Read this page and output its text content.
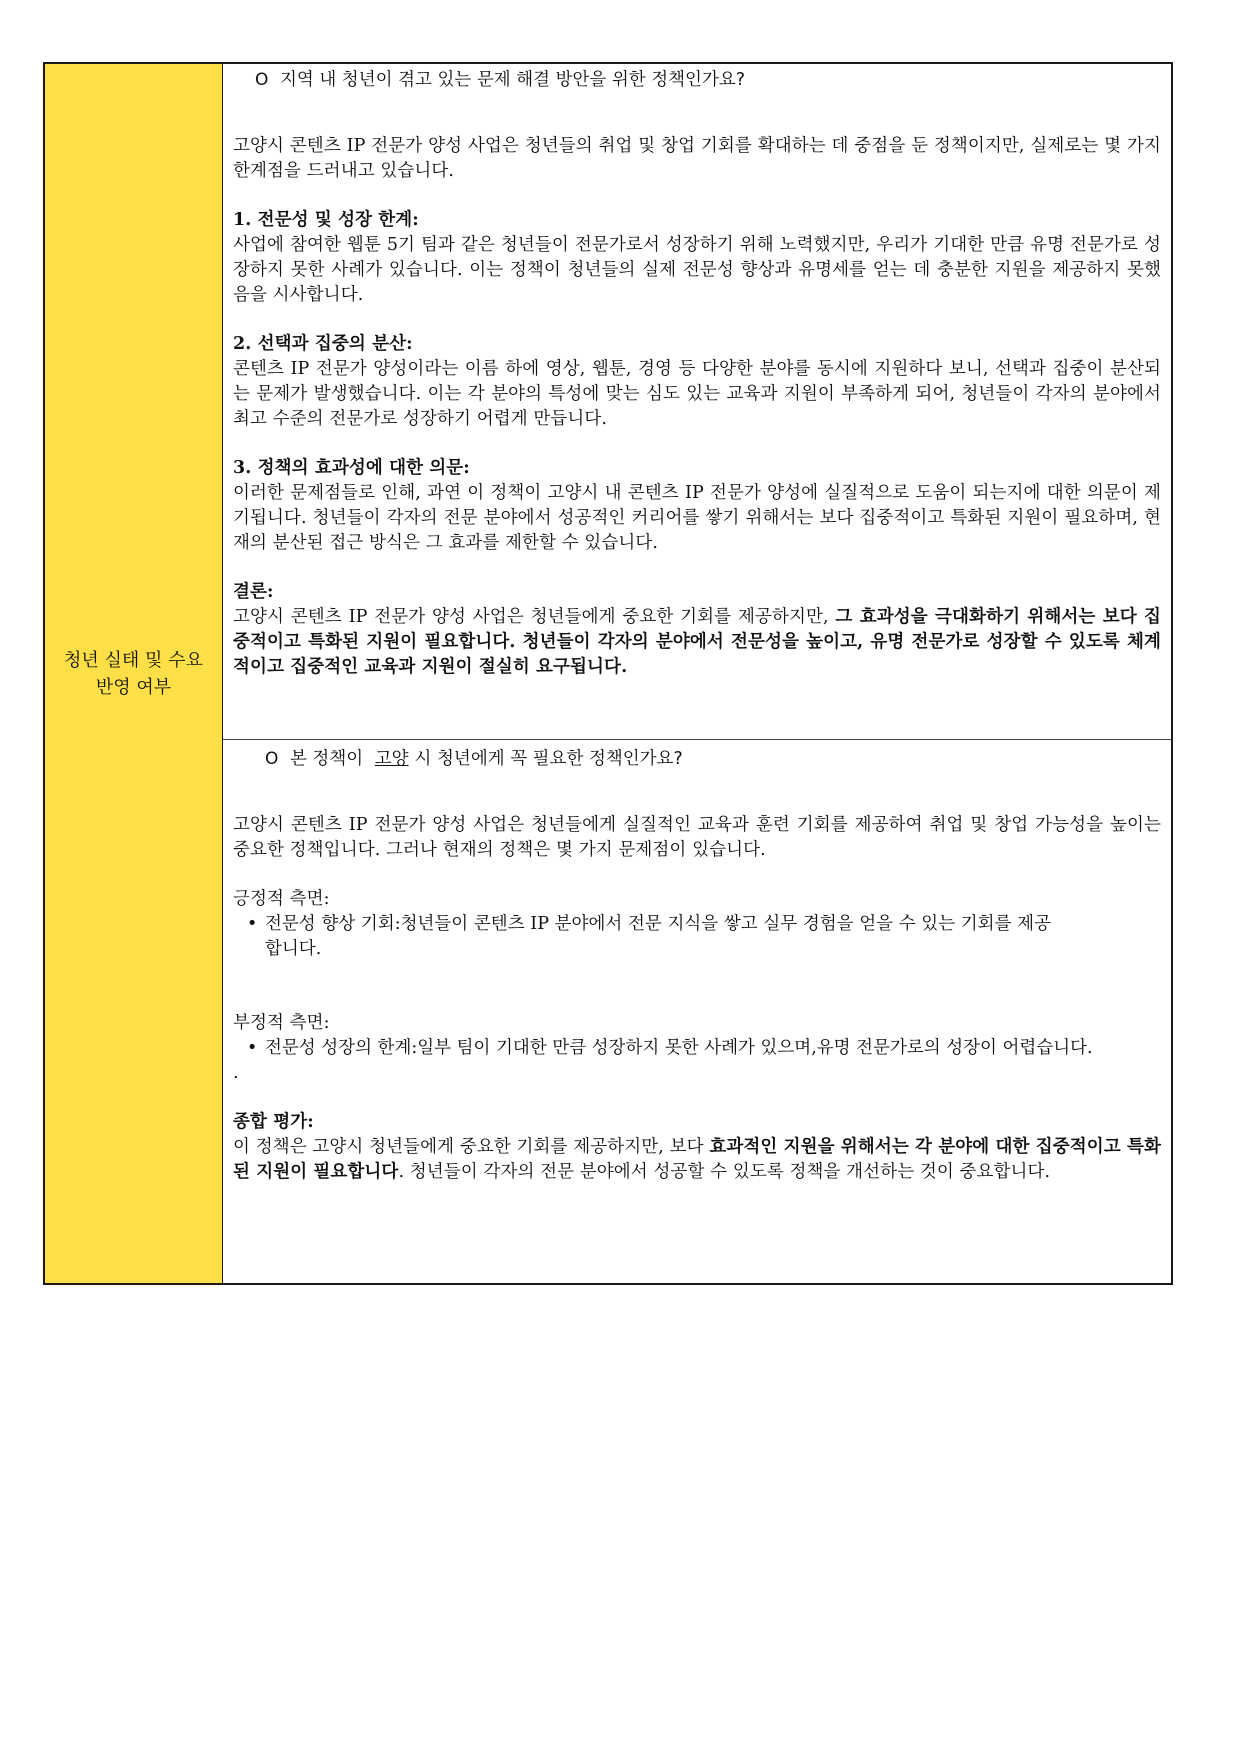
청년 실태 및 수요
반영 여부
O 지역 내 청년이 겪고 있는 문제 해결 방안을 위한 정책인가요?

고양시 콘텐츠 IP 전문가 양성 사업은 청년들의 취업 및 창업 기회를 확대하는 데 중점을 둔 정책이지만, 실제로는 몇 가지 한계점을 드러내고 있습니다.

1. 전문성 및 성장 한계:

사업에 참여한 웹툰 5기 팀과 같은 청년들이 전문가로서 성장하기 위해 노력했지만, 우리가 기대한 만큼 유명 전문가로 성장하지 못한 사례가 있습니다. 이는 정책이 청년들의 실제 전문성 향상과 유명세를 얻는 데 충분한 지원을 제공하지 못했음을 시사합니다.

2. 선택과 집중의 분산:

콘텐츠 IP 전문가 양성이라는 이름 하에 영상, 웹툰, 경영 등 다양한 분야를 동시에 지원하다 보니, 선택과 집중이 분산되는 문제가 발생했습니다. 이는 각 분야의 특성에 맞는 심도 있는 교육과 지원이 부족하게 되어, 청년들이 각자의 분야에서 최고 수준의 전문가로 성장하기 어렵게 만듭니다.

3. 정책의 효과성에 대한 의문:

이러한 문제점들로 인해, 과연 이 정책이 고양시 내 콘텐츠 IP 전문가 양성에 실질적으로 도움이 되는지에 대한 의문이 제기됩니다. 청년들이 각자의 전문 분야에서 성공적인 커리어를 쌓기 위해서는 보다 집중적이고 특화된 지원이 필요하며, 현재의 분산된 접근 방식은 그 효과를 제한할 수 있습니다.

결론:

고양시 콘텐츠 IP 전문가 양성 사업은 청년들에게 중요한 기회를 제공하지만, 그 효과성을 극대화하기 위해서는 보다 집중적이고 특화된 지원이 필요합니다. 청년들이 각자의 분야에서 전문성을 높이고, 유명 전문가로 성장할 수 있도록 체계적이고 집중적인 교육과 지원이 절실히 요구됩니다.

O 본 정책이 고양 시 청년에게 꼭 필요한 정책인가요?

고양시 콘텐츠 IP 전문가 양성 사업은 청년들에게 실질적인 교육과 훈련 기회를 제공하여 취업 및 창업 가능성을 높이는 중요한 정책입니다. 그러나 현재의 정책은 몇 가지 문제점이 있습니다.

긍정적 측면:

• 전문성 향상 기회:청년들이 콘텐츠 IP 분야에서 전문 지식을 쌓고 실무 경험을 얻을 수 있는 기회를 제공합니다.

부정적 측면:

• 전문성 성장의 한계:일부 팀이 기대한 만큼 성장하지 못한 사례가 있으며,유명 전문가로의 성장이 어렵습니다.
.

종합 평가:

이 정책은 고양시 청년들에게 중요한 기회를 제공하지만, 보다 효과적인 지원을 위해서는 각 분야에 대한 집중적이고 특화된 지원이 필요합니다. 청년들이 각자의 전문 분야에서 성공할 수 있도록 정책을 개선하는 것이 중요합니다.
